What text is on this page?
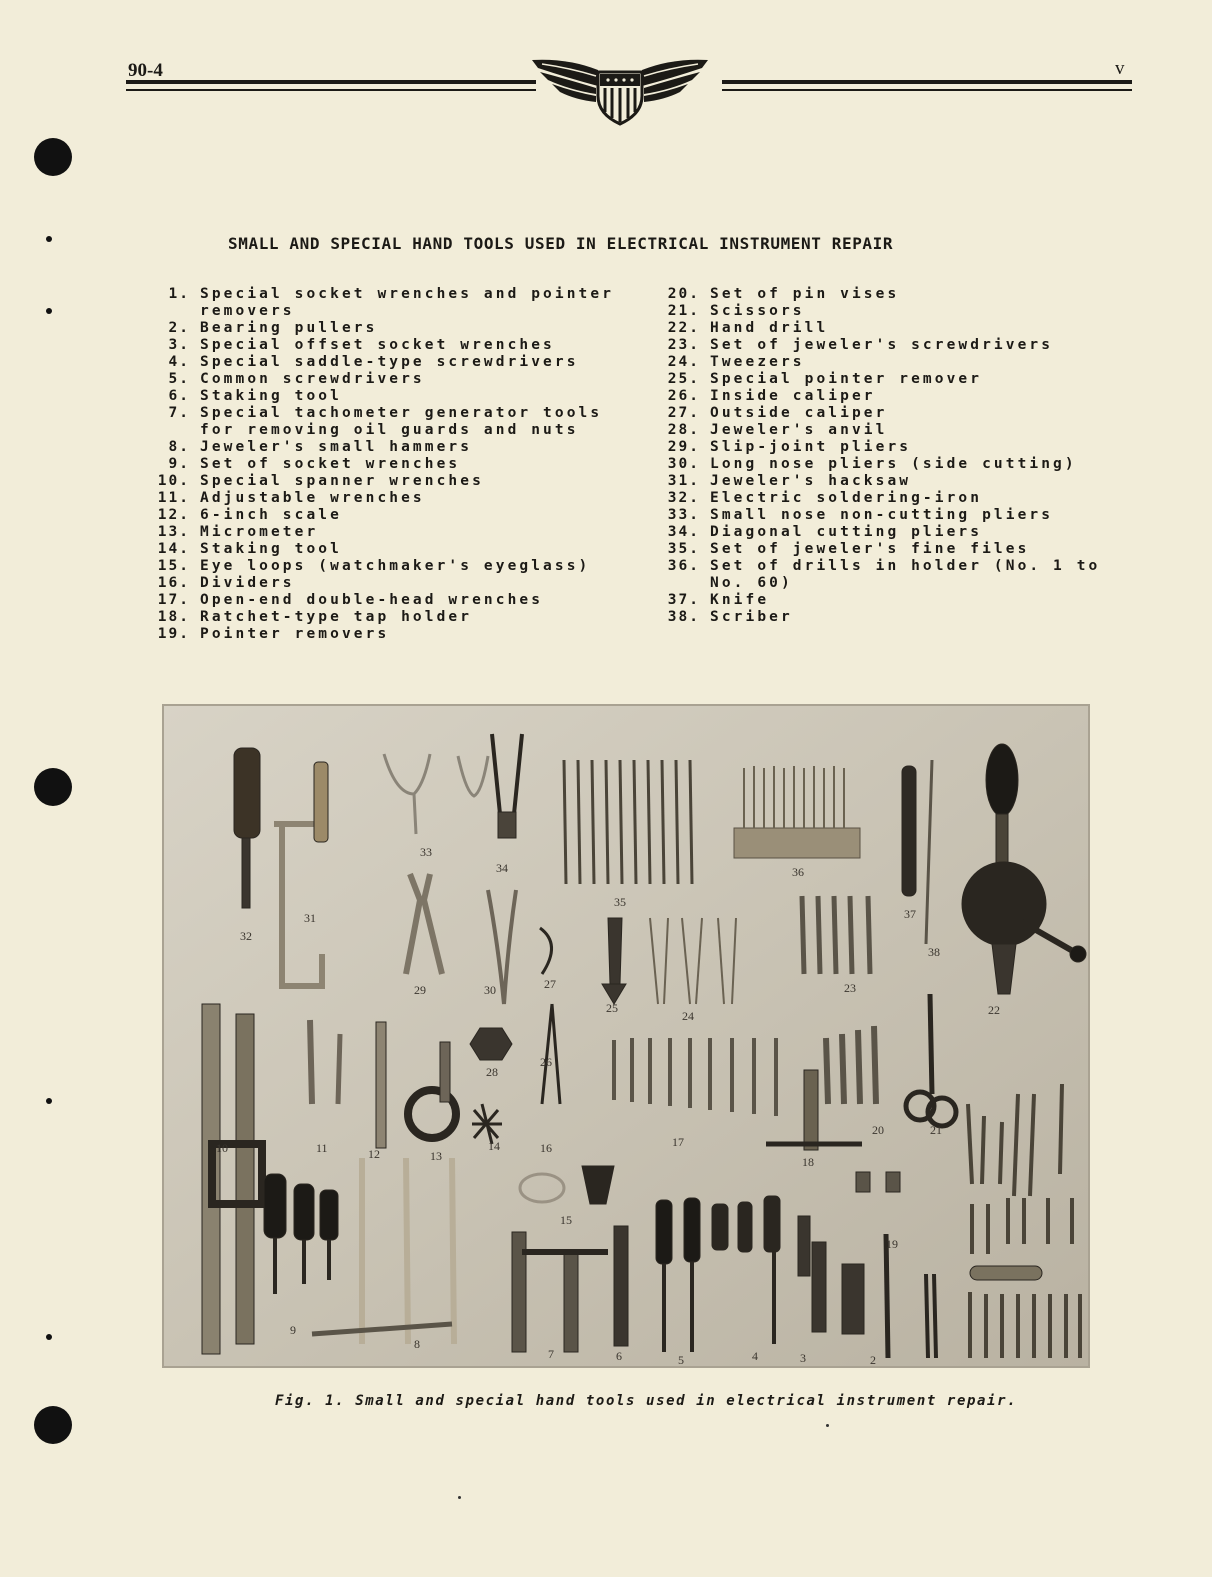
90-4	v
SMALL AND SPECIAL HAND TOOLS USED IN ELECTRICAL INSTRUMENT REPAIR
1. Special socket wrenches and pointer
removers
2. Bearing pullers
3. Special offset socket wrenches
4. Special saddle-type screwdrivers
5. Common screwdrivers
6. Staking tool
7. Special tachometer generator tools
for removing oil guards and nuts
8. Jeweler's small hammers
9. Set of socket wrenches
10. Special spanner wrenches
11. Adjustable wrenches
12. 6-inch scale
13. Micrometer
14. Staking tool
15. Eye loops (watchmaker's eyeglass)
16. Dividers
17. Open-end double-head wrenches
18. Ratchet-type tap holder
19. Pointer removers
20. Set of pin vises
21. Scissors
22. Hand drill
23. Set of jeweler's screwdrivers
24. Tweezers
25. Special pointer remover
26. Inside caliper
27. Outside caliper
28. Jeweler's anvil
29. Slip-joint pliers
30. Long nose pliers (side cutting)
31. Jeweler's hacksaw
32. Electric soldering-iron
33. Small nose non-cutting pliers
34. Diagonal cutting pliers
35. Set of jeweler's fine files
36. Set of drills in holder (No. 1 to
No. 60)
37. Knife
38. Scriber
32
31
33
34
35
36
37
38
29	30	27
25
24
23
22
10	11	12	13
28
14
26
16	17
18
20	21
15
19
9
8
7	6	5	4	3	2
Fig. 1. Small and special hand tools used in electrical instrument repair.
